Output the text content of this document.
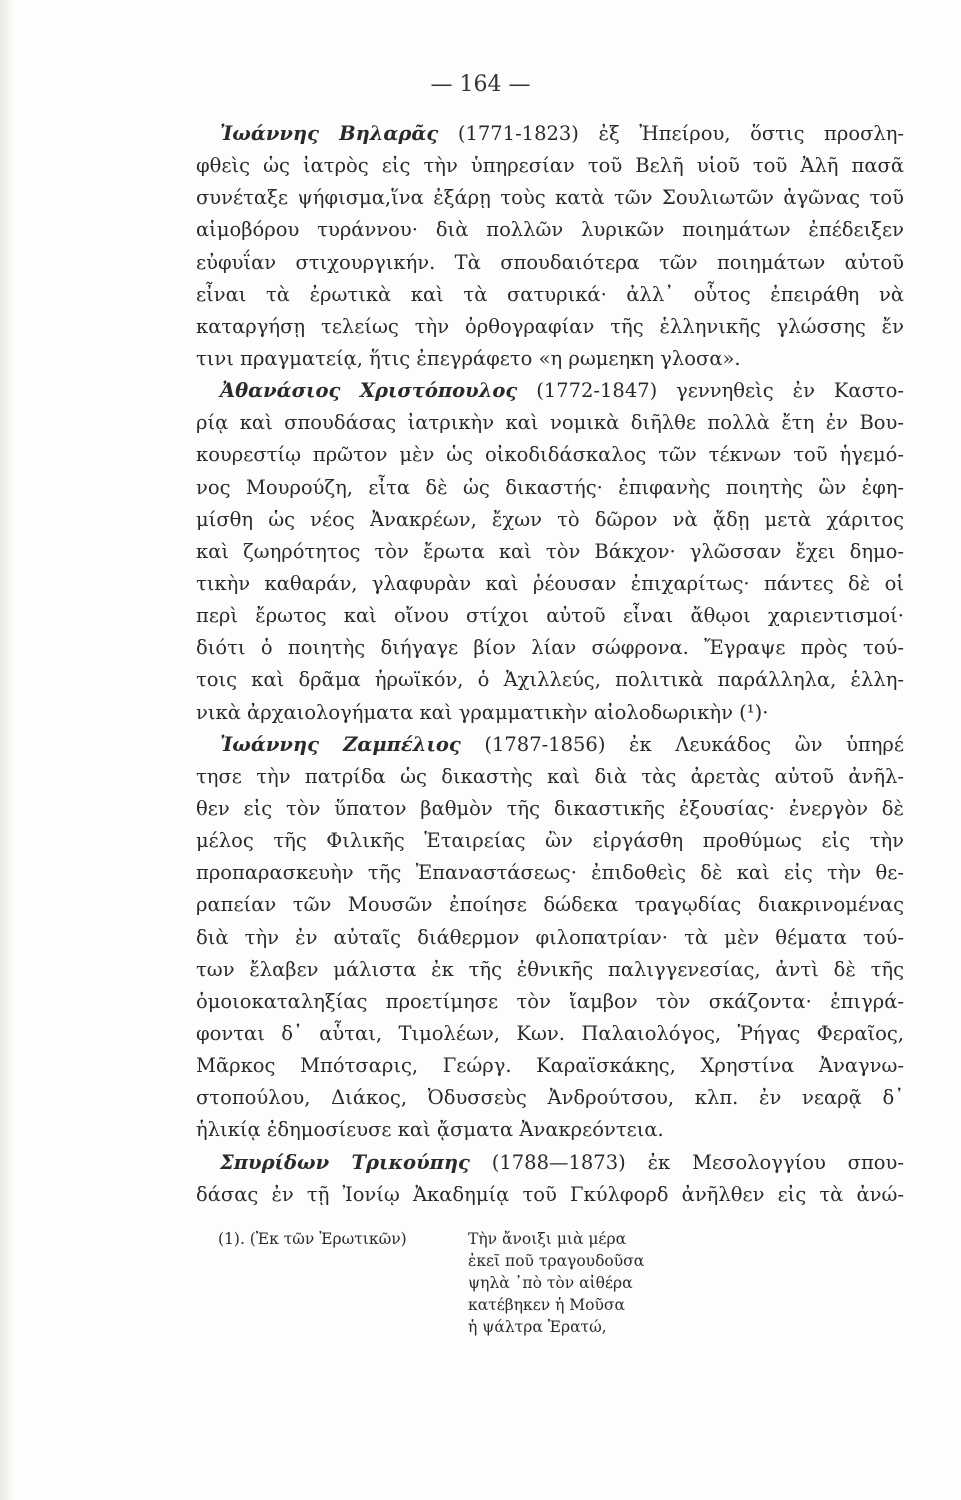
— 164 —
Ἰωάννης Βηλαρᾶς (1771-1823) ἐξ Ἠπείρου, ὅστις προσλη-
φθεὶς ὡς ἰατρὸς εἰς τὴν ὑπηρεσίαν τοῦ Βελῆ υἱοῦ τοῦ Ἀλῆ πασᾶ
συνέταξε ψήφισμα,ἵνα ἐξάρῃ τοὺς κατὰ τῶν Σουλιωτῶν ἀγῶνας τοῦ
αἱμοβόρου τυράννου· διὰ πολλῶν λυρικῶν ποιημάτων ἐπέδειξεν
εὐφυΐαν στιχουργικήν. Τὰ σπουδαιότερα τῶν ποιημάτων αὐτοῦ
εἶναι τὰ ἐρωτικὰ καὶ τὰ σατυρικά· ἀλλ᾽ οὗτος ἐπειράθη νὰ
καταργήσῃ τελείως τὴν ὀρθογραφίαν τῆς ἑλληνικῆς γλώσσης ἔν
τινι πραγματείᾳ, ἥτις ἐπεγράφετο «η ρωμεηκη γλοσα».
Ἀθανάσιος Χριστόπουλος (1772-1847) γεννηθεὶς ἐν Καστο-
ρίᾳ καὶ σπουδάσας ἰατρικὴν καὶ νομικὰ διῆλθε πολλὰ ἔτη ἐν Βου-
κουρεστίῳ πρῶτον μὲν ὡς οἰκοδιδάσκαλος τῶν τέκνων τοῦ ἡγεμό-
νος Μουρούζη, εἶτα δὲ ὡς δικαστής· ἐπιφανὴς ποιητὴς ὢν ἐφη-
μίσθη ὡς νέος Ἀνακρέων, ἔχων τὸ δῶρον νὰ ᾄδῃ μετὰ χάριτος
καὶ ζωηρότητος τὸν ἔρωτα καὶ τὸν Βάκχον· γλῶσσαν ἔχει δημο-
τικὴν καθαράν, γλαφυρὰν καὶ ῥέουσαν ἐπιχαρίτως· πάντες δὲ οἱ
περὶ ἔρωτος καὶ οἴνου στίχοι αὐτοῦ εἶναι ἄθῳοι χαριεντισμοί·
διότι ὁ ποιητὴς διήγαγε βίον λίαν σώφρονα. Ἔγραψε πρὸς τού-
τοις καὶ δρᾶμα ἡρωϊκόν, ὁ Ἀχιλλεύς, πολιτικὰ παράλληλα, ἑλλη-
νικὰ ἀρχαιολογήματα καὶ γραμματικὴν αἰολοδωρικὴν (¹)·
Ἰωάννης Ζαμπέλιος (1787-1856) ἐκ Λευκάδος ὢν ὑπηρέ
τησε τὴν πατρίδα ὡς δικαστὴς καὶ διὰ τὰς ἀρετὰς αὐτοῦ ἀνῆλ-
θεν εἰς τὸν ὕπατον βαθμὸν τῆς δικαστικῆς ἐξουσίας· ἐνεργὸν δὲ
μέλος τῆς Φιλικῆς Ἑταιρείας ὢν εἰργάσθη προθύμως εἰς τὴν
προπαρασκευὴν τῆς Ἐπαναστάσεως· ἐπιδοθεὶς δὲ καὶ εἰς τὴν θε-
ραπείαν τῶν Μουσῶν ἐποίησε δώδεκα τραγῳδίας διακρινομένας
διὰ τὴν ἐν αὐταῖς διάθερμον φιλοπατρίαν· τὰ μὲν θέματα τού-
των ἔλαβεν μάλιστα ἐκ τῆς ἐθνικῆς παλιγγενεσίας, ἀντὶ δὲ τῆς
ὁμοιοκαταληξίας προετίμησε τὸν ἴαμβον τὸν σκάζοντα· ἐπιγρά-
φονται δ᾽ αὗται, Τιμολέων, Κων. Παλαιολόγος, Ῥήγας Φεραῖος,
Μᾶρκος Μπότσαρις, Γεώργ. Καραϊσκάκης, Χρηστίνα Ἀναγνω-
στοπούλου, Διάκος, Ὀδυσσεὺς Ἀνδρούτσου, κλπ. ἐν νεαρᾷ δ᾽
ἡλικίᾳ ἐδημοσίευσε καὶ ᾄσματα Ἀνακρεόντεια.
Σπυρίδων Τρικούπης (1788—1873) ἐκ Μεσολογγίου σπου-
δάσας ἐν τῇ Ἰονίῳ Ἀκαδημίᾳ τοῦ Γκύλφορδ ἀνῆλθεν εἰς τὰ ἀνώ-
(1). (Ἐκ τῶν Ἐρωτικῶν)	Τὴν ἄνοιξι μιὰ μέρα
ἐκεῖ ποῦ τραγουδοῦσα
ψηλὰ ᾽πὸ τὸν αἰθέρα
κατέβηκεν ἡ Μοῦσα
ἡ ψάλτρα Ἐρατώ,
